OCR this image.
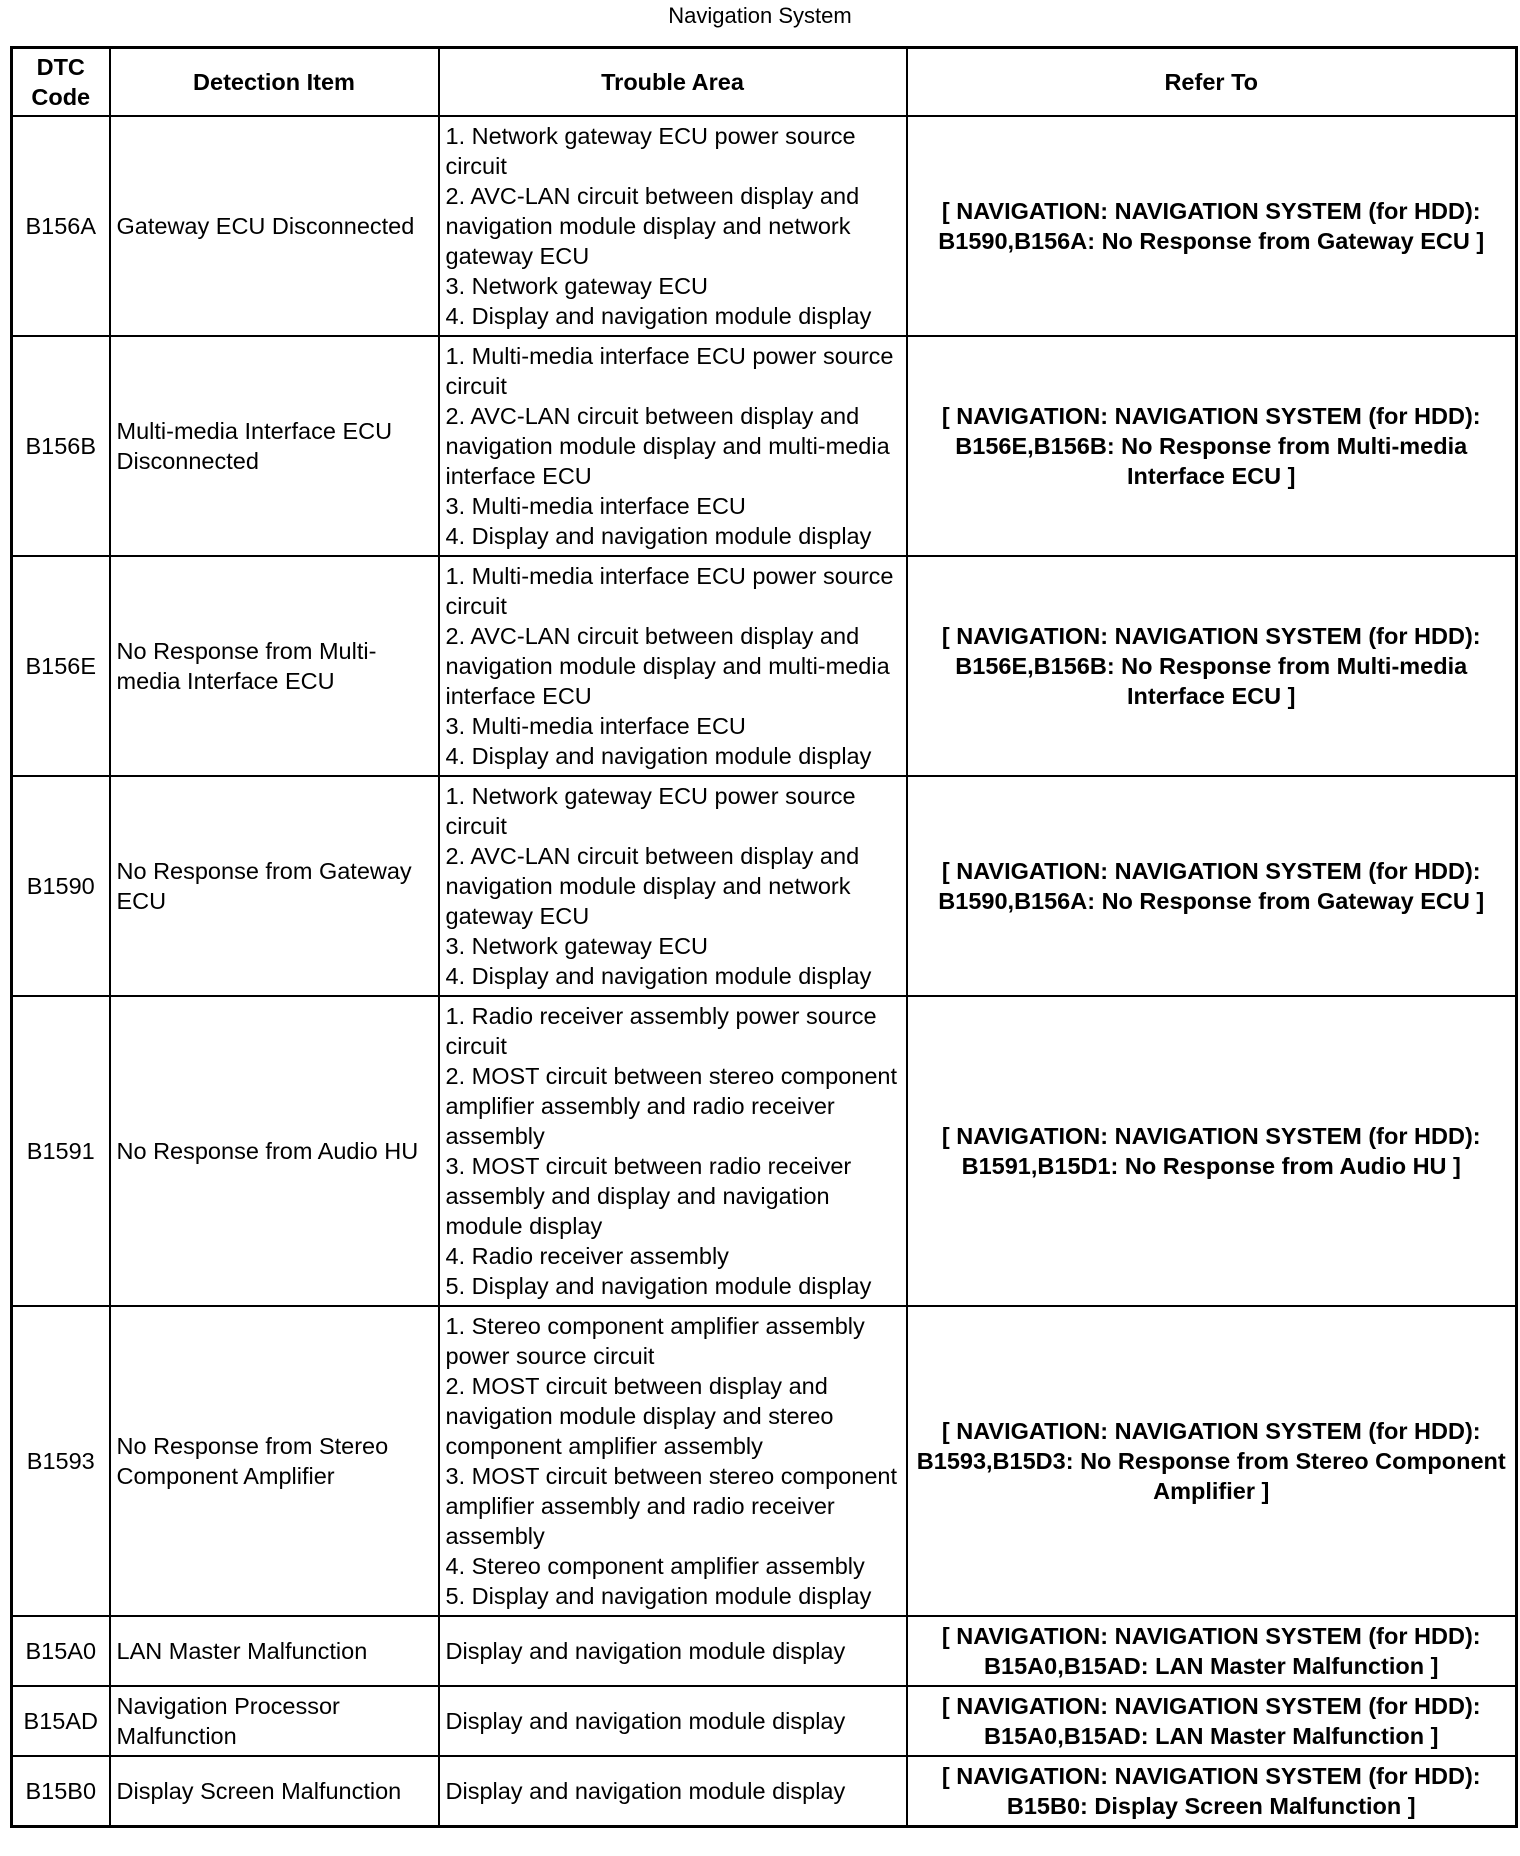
Navigation System
DTC Code	Detection Item	Trouble Area	Refer To
B156A	Gateway ECU Disconnected	1. Network gateway ECU power source circuit
2. AVC-LAN circuit between display and navigation module display and network gateway ECU
3. Network gateway ECU
4. Display and navigation module display	[ NAVIGATION: NAVIGATION SYSTEM (for HDD): B1590,B156A: No Response from Gateway ECU ]
B156B	Multi-media Interface ECU Disconnected	1. Multi-media interface ECU power source circuit
2. AVC-LAN circuit between display and navigation module display and multi-media interface ECU
3. Multi-media interface ECU
4. Display and navigation module display	[ NAVIGATION: NAVIGATION SYSTEM (for HDD): B156E,B156B: No Response from Multi-media Interface ECU ]
B156E	No Response from Multi-media Interface ECU	1. Multi-media interface ECU power source circuit
2. AVC-LAN circuit between display and navigation module display and multi-media interface ECU
3. Multi-media interface ECU
4. Display and navigation module display	[ NAVIGATION: NAVIGATION SYSTEM (for HDD): B156E,B156B: No Response from Multi-media Interface ECU ]
B1590	No Response from Gateway ECU	1. Network gateway ECU power source circuit
2. AVC-LAN circuit between display and navigation module display and network gateway ECU
3. Network gateway ECU
4. Display and navigation module display	[ NAVIGATION: NAVIGATION SYSTEM (for HDD): B1590,B156A: No Response from Gateway ECU ]
B1591	No Response from Audio HU	1. Radio receiver assembly power source circuit
2. MOST circuit between stereo component amplifier assembly and radio receiver assembly
3. MOST circuit between radio receiver assembly and display and navigation module display
4. Radio receiver assembly
5. Display and navigation module display	[ NAVIGATION: NAVIGATION SYSTEM (for HDD): B1591,B15D1: No Response from Audio HU ]
B1593	No Response from Stereo Component Amplifier	1. Stereo component amplifier assembly power source circuit
2. MOST circuit between display and navigation module display and stereo component amplifier assembly
3. MOST circuit between stereo component amplifier assembly and radio receiver assembly
4. Stereo component amplifier assembly
5. Display and navigation module display	[ NAVIGATION: NAVIGATION SYSTEM (for HDD): B1593,B15D3: No Response from Stereo Component Amplifier ]
B15A0	LAN Master Malfunction	Display and navigation module display	[ NAVIGATION: NAVIGATION SYSTEM (for HDD): B15A0,B15AD: LAN Master Malfunction ]
B15AD	Navigation Processor Malfunction	Display and navigation module display	[ NAVIGATION: NAVIGATION SYSTEM (for HDD): B15A0,B15AD: LAN Master Malfunction ]
B15B0	Display Screen Malfunction	Display and navigation module display	[ NAVIGATION: NAVIGATION SYSTEM (for HDD): B15B0: Display Screen Malfunction ]
